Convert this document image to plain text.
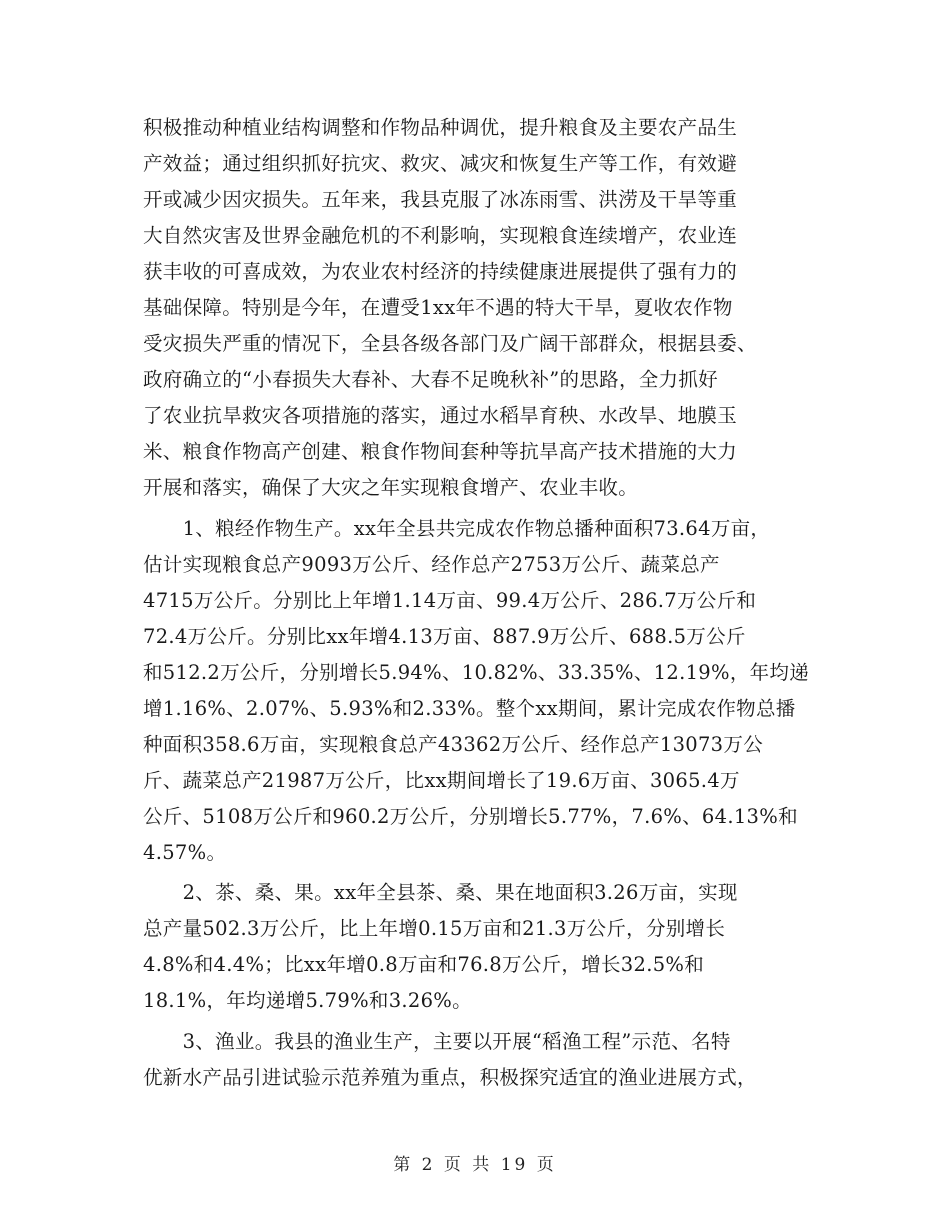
积极推动种植业结构调整和作物品种调优，提升粮食及主要农产品生
产效益；通过组织抓好抗灾、救灾、减灾和恢复生产等工作，有效避
开或减少因灾损失。五年来，我县克服了冰冻雨雪、洪涝及干旱等重
大自然灾害及世界金融危机的不利影响，实现粮食连续增产，农业连
获丰收的可喜成效，为农业农村经济的持续健康进展提供了强有力的
基础保障。特别是今年，在遭受1xx年不遇的特大干旱，夏收农作物
受灾损失严重的情况下，全县各级各部门及广阔干部群众，根据县委、
政府确立的“小春损失大春补、大春不足晚秋补”的思路，全力抓好
了农业抗旱救灾各项措施的落实，通过水稻旱育秧、水改旱、地膜玉
米、粮食作物高产创建、粮食作物间套种等抗旱高产技术措施的大力
开展和落实，确保了大灾之年实现粮食增产、农业丰收。
　　1、粮经作物生产。xx年全县共完成农作物总播种面积73.64万亩，
估计实现粮食总产9093万公斤、经作总产2753万公斤、蔬菜总产
4715万公斤。分别比上年增1.14万亩、99.4万公斤、286.7万公斤和
72.4万公斤。分别比xx年增4.13万亩、887.9万公斤、688.5万公斤
和512.2万公斤，分别增长5.94%、10.82%、33.35%、12.19%，年均递
增1.16%、2.07%、5.93%和2.33%。整个xx期间，累计完成农作物总播
种面积358.6万亩，实现粮食总产43362万公斤、经作总产13073万公
斤、蔬菜总产21987万公斤，比xx期间增长了19.6万亩、3065.4万
公斤、5108万公斤和960.2万公斤，分别增长5.77%，7.6%、64.13%和
4.57%。
　　2、茶、桑、果。xx年全县茶、桑、果在地面积3.26万亩，实现
总产量502.3万公斤，比上年增0.15万亩和21.3万公斤，分别增长
4.8%和4.4%；比xx年增0.8万亩和76.8万公斤，增长32.5%和
18.1%，年均递增5.79%和3.26%。
　　3、渔业。我县的渔业生产，主要以开展“稻渔工程”示范、名特
优新水产品引进试验示范养殖为重点，积极探究适宜的渔业进展方式，
第 2 页 共 19 页
